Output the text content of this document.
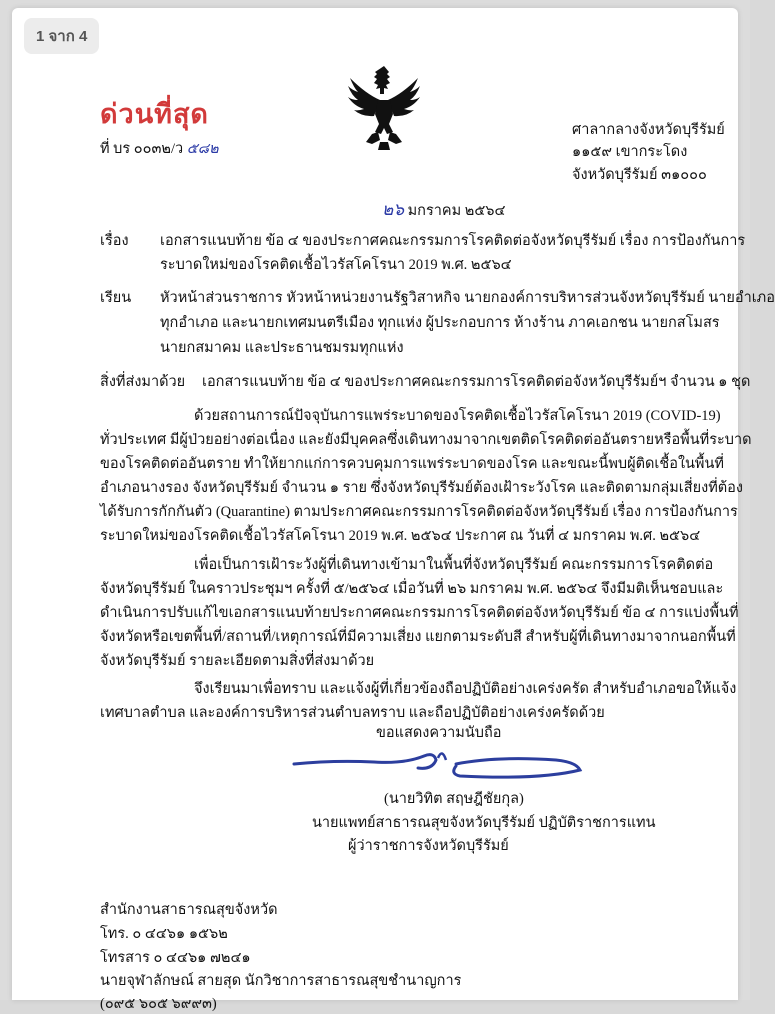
1 จาก 4
ด่วนที่สุด
ที่ บร ๐๐๓๒/ว ๕๘๒
ศาลากลางจังหวัดบุรีรัมย์
๑๑๕๙ เขากระโดง
จังหวัดบุรีรัมย์ ๓๑๐๐๐
๒๖ มกราคม ๒๕๖๔
เรื่อง เอกสารแนบท้าย ข้อ ๔ ของประกาศคณะกรรมการโรคติดต่อจังหวัดบุรีรัมย์ เรื่อง การป้องกันการ
ระบาดใหม่ของโรคติดเชื้อไวรัสโคโรนา 2019 พ.ศ. ๒๕๖๔
เรียน หัวหน้าส่วนราชการ หัวหน้าหน่วยงานรัฐวิสาหกิจ นายกองค์การบริหารส่วนจังหวัดบุรีรัมย์ นายอำเภอ
ทุกอำเภอ และนายกเทศมนตรีเมือง ทุกแห่ง ผู้ประกอบการ ห้างร้าน ภาคเอกชน นายกสโมสร
นายกสมาคม และประธานชมรมทุกแห่ง
สิ่งที่ส่งมาด้วย เอกสารแนบท้าย ข้อ ๔ ของประกาศคณะกรรมการโรคติดต่อจังหวัดบุรีรัมย์ฯ จำนวน ๑ ชุด
ด้วยสถานการณ์ปัจจุบันการแพร่ระบาดของโรคติดเชื้อไวรัสโคโรนา 2019 (COVID-19)
ทั่วประเทศ มีผู้ป่วยอย่างต่อเนื่อง และยังมีบุคคลซึ่งเดินทางมาจากเขตติดโรคติดต่ออันตรายหรือพื้นที่ระบาด
ของโรคติดต่ออันตราย ทำให้ยากแก่การควบคุมการแพร่ระบาดของโรค และขณะนี้พบผู้ติดเชื้อในพื้นที่
อำเภอนางรอง จังหวัดบุรีรัมย์ จำนวน ๑ ราย ซึ่งจังหวัดบุรีรัมย์ต้องเฝ้าระวังโรค และติดตามกลุ่มเสี่ยงที่ต้อง
ได้รับการกักกันตัว (Quarantine) ตามประกาศคณะกรรมการโรคติดต่อจังหวัดบุรีรัมย์ เรื่อง การป้องกันการ
ระบาดใหม่ของโรคติดเชื้อไวรัสโคโรนา 2019 พ.ศ. ๒๕๖๔ ประกาศ ณ วันที่ ๔ มกราคม พ.ศ. ๒๕๖๔
เพื่อเป็นการเฝ้าระวังผู้ที่เดินทางเข้ามาในพื้นที่จังหวัดบุรีรัมย์ คณะกรรมการโรคติดต่อ
จังหวัดบุรีรัมย์ ในคราวประชุมฯ ครั้งที่ ๕/๒๕๖๔ เมื่อวันที่ ๒๖ มกราคม พ.ศ. ๒๕๖๔ จึงมีมติเห็นชอบและ
ดำเนินการปรับแก้ไขเอกสารแนบท้ายประกาศคณะกรรมการโรคติดต่อจังหวัดบุรีรัมย์ ข้อ ๔ การแบ่งพื้นที่
จังหวัดหรือเขตพื้นที่/สถานที่/เหตุการณ์ที่มีความเสี่ยง แยกตามระดับสี สำหรับผู้ที่เดินทางมาจากนอกพื้นที่
จังหวัดบุรีรัมย์ รายละเอียดตามสิ่งที่ส่งมาด้วย
จึงเรียนมาเพื่อทราบ และแจ้งผู้ที่เกี่ยวข้องถือปฏิบัติอย่างเคร่งครัด สำหรับอำเภอขอให้แจ้ง
เทศบาลตำบล และองค์การบริหารส่วนตำบลทราบ และถือปฏิบัติอย่างเคร่งครัดด้วย
ขอแสดงความนับถือ
(นายวิทิต สฤษฎีชัยกุล)
นายแพทย์สาธารณสุขจังหวัดบุรีรัมย์ ปฏิบัติราชการแทน
ผู้ว่าราชการจังหวัดบุรีรัมย์
สำนักงานสาธารณสุขจังหวัด
โทร. ๐ ๔๔๖๑ ๑๕๖๒
โทรสาร ๐ ๔๔๖๑ ๗๒๔๑
นายจุฬาลักษณ์ สายสุด นักวิชาการสาธารณสุขชำนาญการ
(๐๙๕ ๖๐๕ ๖๙๙๓)
